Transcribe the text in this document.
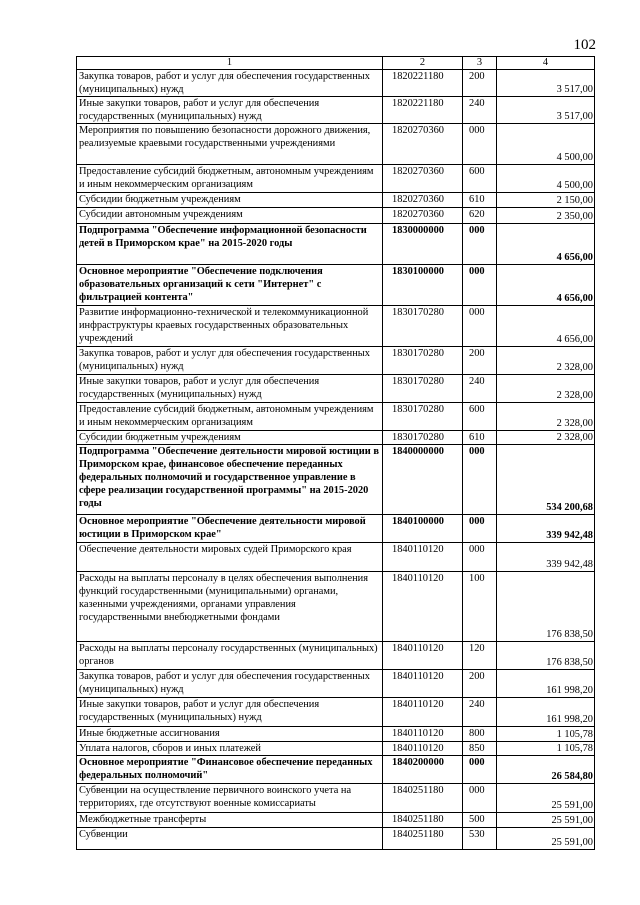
102
1	2	3	4
Закупка товаров, работ и услуг для обеспечения государственных (муниципальных) нужд	1820221180	200	3 517,00
Иные закупки товаров, работ и услуг для обеспечения государственных (муниципальных) нужд	1820221180	240	3 517,00
Мероприятия по повышению безопасности дорожного движения, реализуемые краевыми государственными учреждениями	1820270360	000	4 500,00
Предоставление субсидий бюджетным, автономным учреждениям и иным некоммерческим организациям	1820270360	600	4 500,00
Субсидии бюджетным учреждениям	1820270360	610	2 150,00
Субсидии автономным учреждениям	1820270360	620	2 350,00
Подпрограмма "Обеспечение информационной безопасности детей в Приморском крае" на 2015-2020 годы	1830000000	000	4 656,00
Основное мероприятие "Обеспечение подключения образовательных организаций к сети "Интернет" с фильтрацией контента"	1830100000	000	4 656,00
Развитие информационно-технической и телекоммуникационной инфраструктуры краевых государственных образовательных учреждений	1830170280	000	4 656,00
Закупка товаров, работ и услуг для обеспечения государственных (муниципальных) нужд	1830170280	200	2 328,00
Иные закупки товаров, работ и услуг для обеспечения государственных (муниципальных) нужд	1830170280	240	2 328,00
Предоставление субсидий бюджетным, автономным учреждениям и иным некоммерческим организациям	1830170280	600	2 328,00
Субсидии бюджетным учреждениям	1830170280	610	2 328,00
Подпрограмма "Обеспечение деятельности мировой юстиции в Приморском крае, финансовое обеспечение переданных федеральных полномочий и государственное управление в сфере реализации государственной программы" на 2015-2020 годы	1840000000	000	534 200,68
Основное мероприятие "Обеспечение деятельности мировой юстиции в Приморском крае"	1840100000	000	339 942,48
Обеспечение деятельности мировых судей Приморского края	1840110120	000	339 942,48
Расходы на выплаты персоналу в целях обеспечения выполнения функций государственными (муниципальными) органами, казенными учреждениями, органами управления государственными внебюджетными фондами	1840110120	100	176 838,50
Расходы на выплаты персоналу государственных (муниципальных) органов	1840110120	120	176 838,50
Закупка товаров, работ и услуг для обеспечения государственных (муниципальных) нужд	1840110120	200	161 998,20
Иные закупки товаров, работ и услуг для обеспечения государственных (муниципальных) нужд	1840110120	240	161 998,20
Иные бюджетные ассигнования	1840110120	800	1 105,78
Уплата налогов, сборов и иных платежей	1840110120	850	1 105,78
Основное мероприятие "Финансовое обеспечение переданных федеральных полномочий"	1840200000	000	26 584,80
Субвенции на осуществление первичного воинского учета на территориях, где отсутствуют военные комиссариаты	1840251180	000	25 591,00
Межбюджетные трансферты	1840251180	500	25 591,00
Субвенции	1840251180	530	25 591,00
